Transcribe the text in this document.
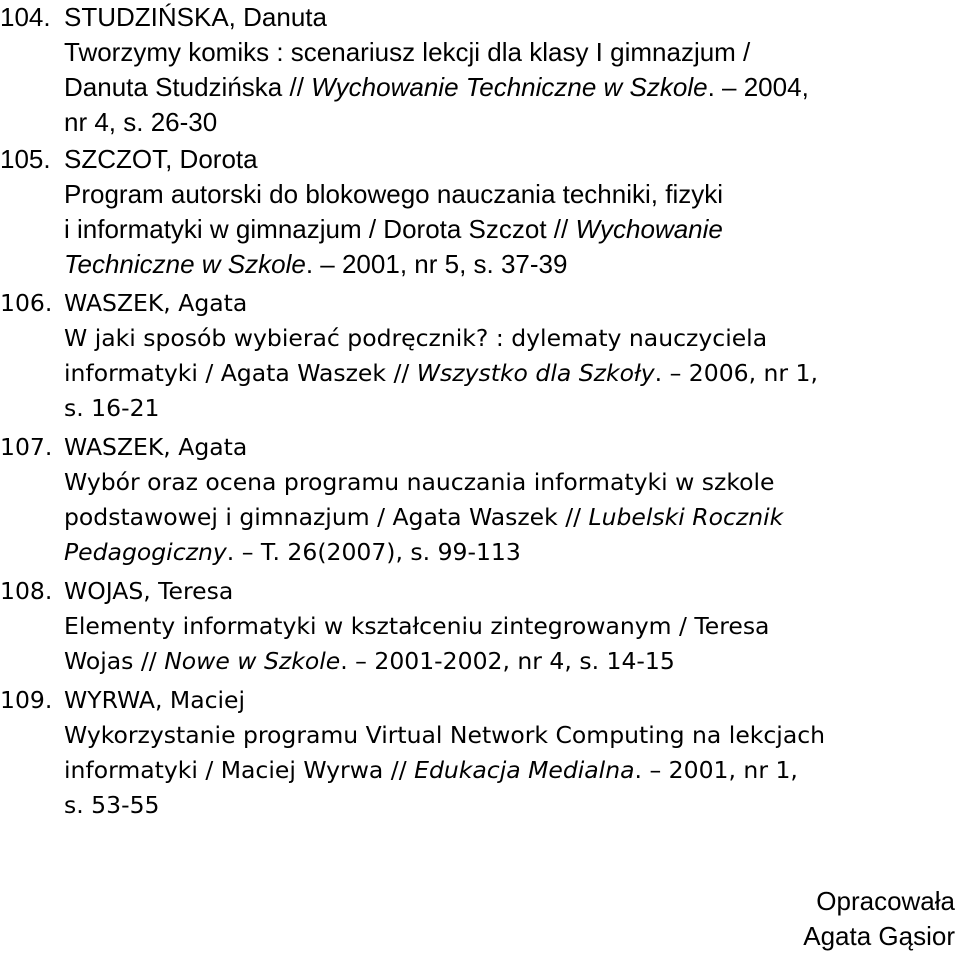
104. STUDZIŃSKA, Danuta
Tworzymy komiks : scenariusz lekcji dla klasy I gimnazjum /
Danuta Studzińska // Wychowanie Techniczne w Szkole. – 2004,
nr 4, s. 26-30
105. SZCZOT, Dorota
Program autorski do blokowego nauczania techniki, fizyki
i informatyki w gimnazjum / Dorota Szczot // Wychowanie
Techniczne w Szkole. – 2001, nr 5, s. 37-39
106. WASZEK, Agata
W jaki sposób wybierać podręcznik? : dylematy nauczyciela
informatyki / Agata Waszek // Wszystko dla Szkoły. – 2006, nr 1,
s. 16-21
107. WASZEK, Agata
Wybór oraz ocena programu nauczania informatyki w szkole
podstawowej i gimnazjum / Agata Waszek // Lubelski Rocznik
Pedagogiczny. – T. 26(2007), s. 99-113
108. WOJAS, Teresa
Elementy informatyki w kształceniu zintegrowanym / Teresa
Wojas // Nowe w Szkole. – 2001-2002, nr 4, s. 14-15
109. WYRWA, Maciej
Wykorzystanie programu Virtual Network Computing na lekcjach
informatyki / Maciej Wyrwa // Edukacja Medialna. – 2001, nr 1,
s. 53-55
Opracowała
Agata Gąsior
